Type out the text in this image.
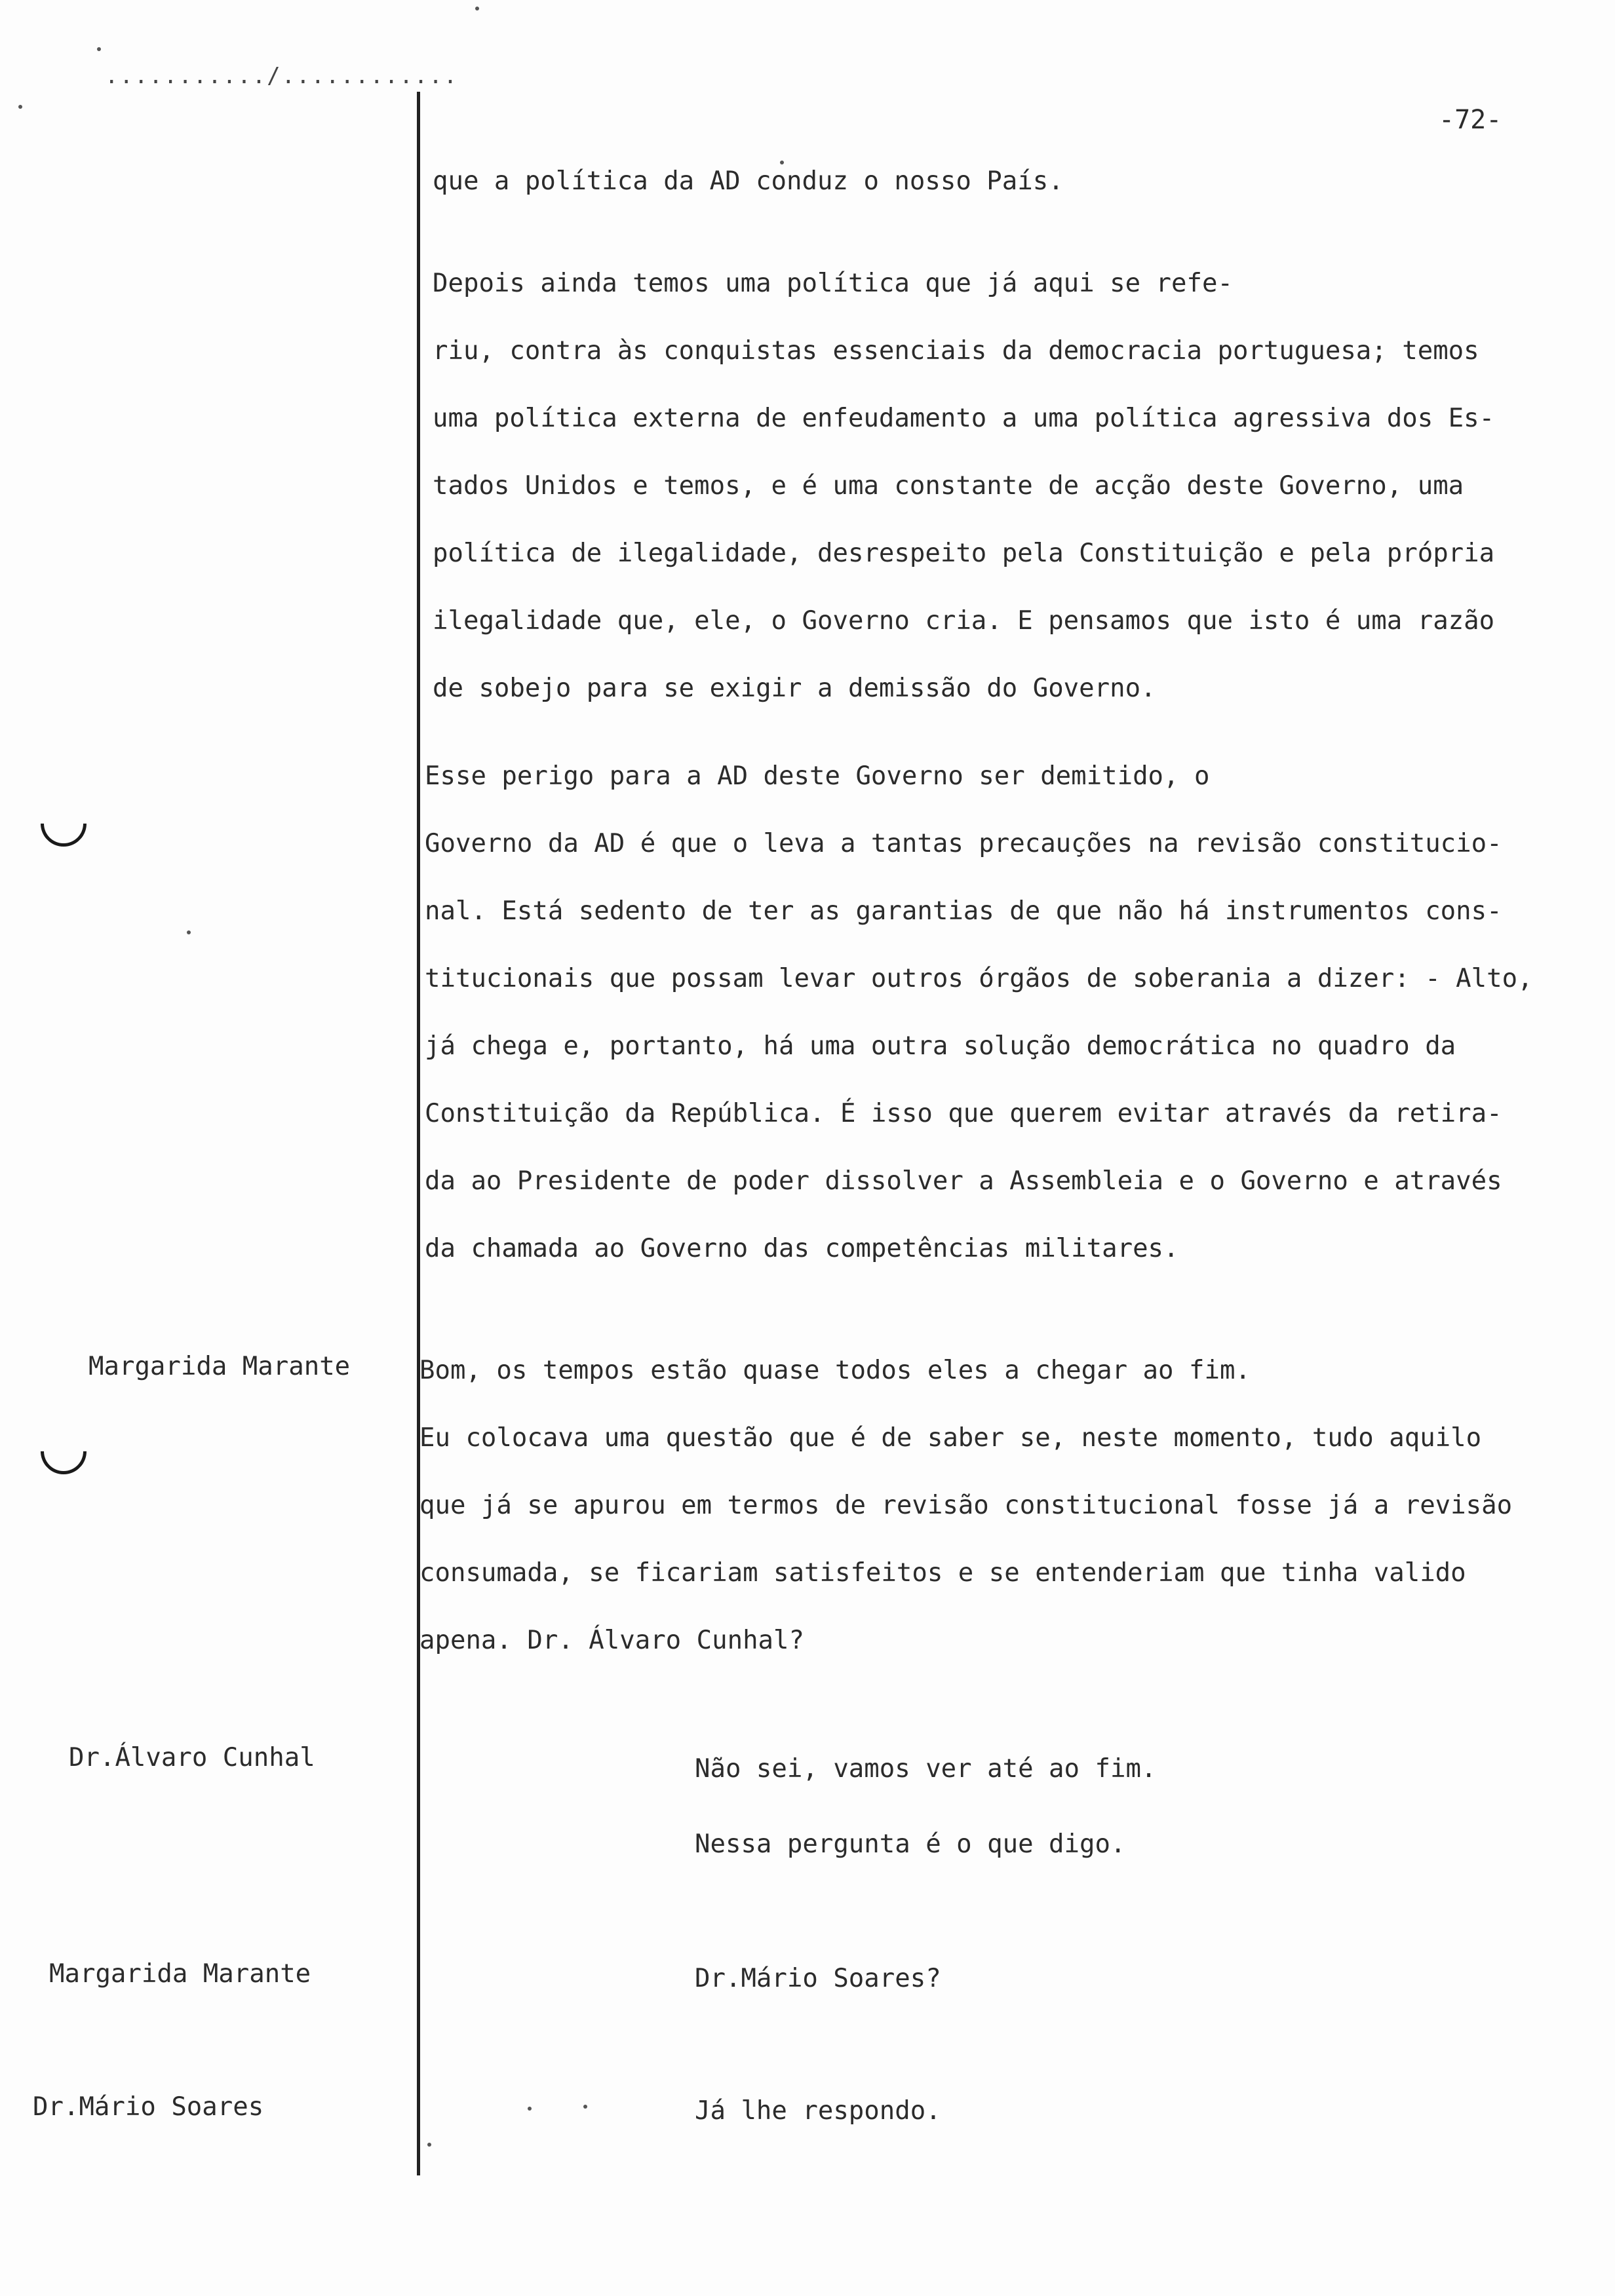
.........../............
-72-
que a política da AD conduz o nosso País.
Depois ainda temos uma política que já aqui se refe-
riu, contra às conquistas essenciais da democracia portuguesa; temos
uma política externa de enfeudamento a uma política agressiva dos Es-
tados Unidos e temos, e é uma constante de acção deste Governo, uma
política de ilegalidade, desrespeito pela Constituição e pela própria
ilegalidade que, ele, o Governo cria. E pensamos que isto é uma razão
de sobejo para se exigir a demissão do Governo.
Esse perigo para a AD deste Governo ser demitido, o
Governo da AD é que o leva a tantas precauções na revisão constitucio-
nal. Está sedento de ter as garantias de que não há instrumentos cons-
titucionais que possam levar outros órgãos de soberania a dizer: - Alto,
já chega e, portanto, há uma outra solução democrática no quadro da
Constituição da República. É isso que querem evitar através da retira-
da ao Presidente de poder dissolver a Assembleia e o Governo e através
da chamada ao Governo das competências militares.
Margarida Marante	Bom, os tempos estão quase todos eles a chegar ao fim.
Eu colocava uma questão que é de saber se, neste momento, tudo aquilo
que já se apurou em termos de revisão constitucional fosse já a revisão
consumada, se ficariam satisfeitos e se entenderiam que tinha valido
apena. Dr. Álvaro Cunhal?
Dr.Álvaro Cunhal	Não sei, vamos ver até ao fim.
Nessa pergunta é o que digo.
Margarida Marante	Dr.Mário Soares?
Dr.Mário Soares	Já lhe respondo.
